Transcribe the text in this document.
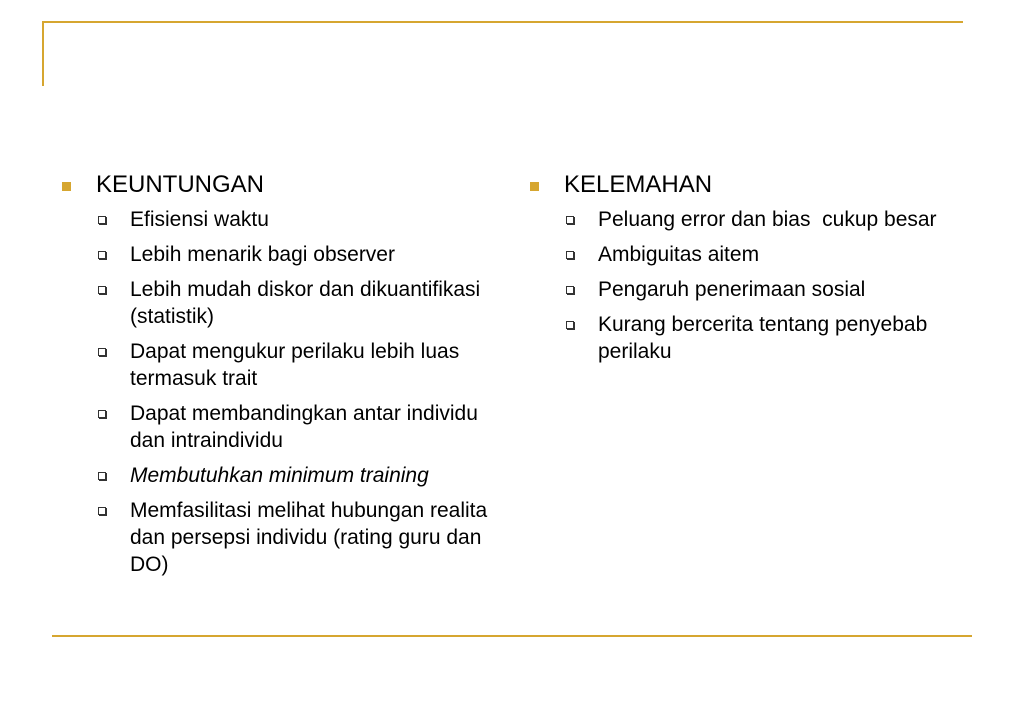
KEUNTUNGAN
Efisiensi waktu
Lebih menarik bagi observer
Lebih mudah diskor dan dikuantifikasi (statistik)
Dapat mengukur perilaku lebih luas termasuk trait
Dapat membandingkan antar individu dan intraindividu
Membutuhkan minimum training
Memfasilitasi melihat hubungan realita dan persepsi individu (rating guru dan DO)
KELEMAHAN
Peluang error dan bias  cukup besar
Ambiguitas aitem
Pengaruh penerimaan sosial
Kurang bercerita tentang penyebab perilaku
